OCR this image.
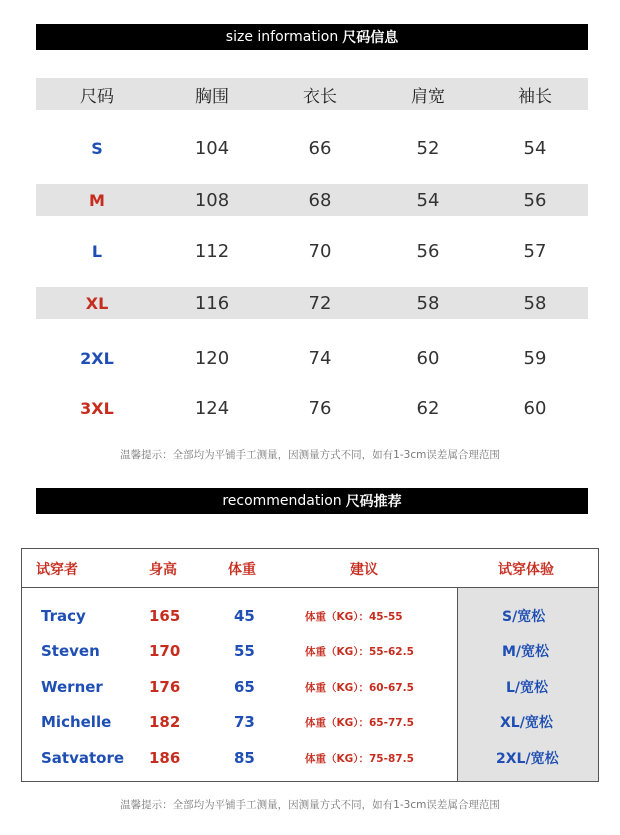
size information 尺码信息
尺码	胸围	衣长	肩宽	袖长
S	104	66	52	54
M	108	68	54	56
L	112	70	56	57
XL	116	72	58	58
2XL	120	74	60	59
3XL	124	76	62	60
温馨提示：全部均为平铺手工测量，因测量方式不同，如有1-3cm误差属合理范围
recommendation 尺码推荐
试穿者	身高	体重	建议	试穿体验
Tracy	165	45	体重（KG）：45-55	S/宽松
Steven	170	55	体重（KG）：55-62.5	M/宽松
Werner	176	65	体重（KG）：60-67.5	L/宽松
Michelle	182	73	体重（KG）：65-77.5	XL/宽松
Satvatore 186	85	体重（KG）：75-87.5	2XL/宽松
温馨提示：全部均为平铺手工测量，因测量方式不同，如有1-3cm误差属合理范围
